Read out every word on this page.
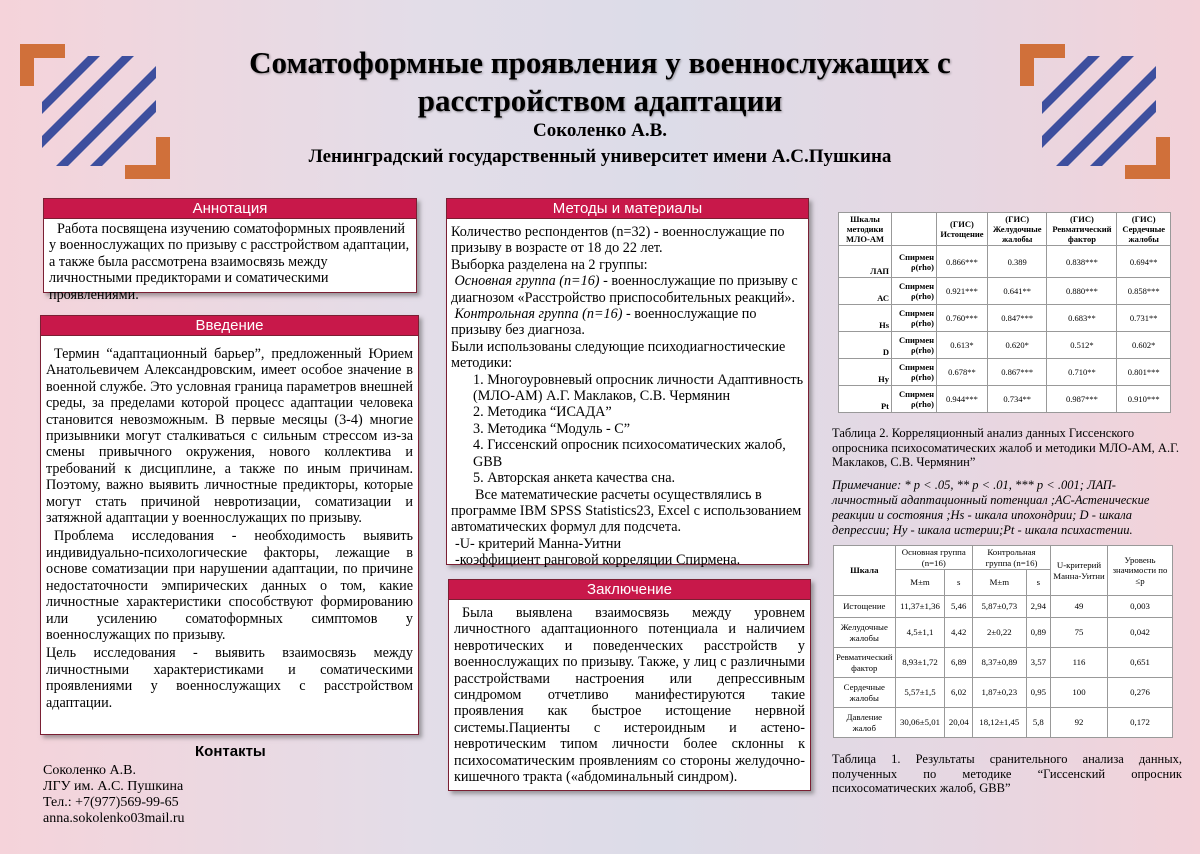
Соматоформные проявления у военнослужащих с расстройством адаптации
Соколенко А.В.
Ленинградский государственный университет имени А.С.Пушкина
Аннотация

Работа посвящена изучению соматоформных проявлений у военнослужащих по призыву с расстройством адаптации, а также была рассмотрена взаимосвязь между личностными предикторами и соматическими проявлениями.

Введение

Термин “адаптационный барьер”, предложенный Юрием Анатольевичем Александровским, имеет особое значение в военной службе. Это условная граница параметров внешней среды, за пределами которой процесс адаптации человека становится невозможным. В первые месяцы (3-4) многие призывники могут сталкиваться с сильным стрессом из-за смены привычного окружения, нового коллектива и требований к дисциплине, а также по иным причинам. Поэтому, важно выявить личностные предикторы, которые могут стать причиной невротизации, соматизации и затяжной адаптации у военнослужащих по призыву.

Проблема исследования - необходимость выявить индивидуально-психологические факторы, лежащие в основе соматизации при нарушении адаптации, по причине недостаточности эмпирических данных о том, какие личностные характеристики способствуют формированию или усилению соматоформных симптомов у военнослужащих по призыву.

Цель исследования - выявить взаимосвязь между личностными характеристиками и соматическими проявлениями у военнослужащих с расстройством адаптации.

Контакты
Соколенко А.В.
ЛГУ им. А.С. Пушкина
Тел.: +7(977)569-99-65
anna.sokolenko03mail.ru
Методы и материалы

Количество респондентов (n=32) - военнослужащие по призыву в возрасте от 18 до 22 лет.

Выборка разделена на 2 группы:

Основная группа (n=16) - военнослужащие по призыву с диагнозом «Расстройство приспособительных реакций».

Контрольная группа (n=16) - военнослужащие по призыву без диагноза.

Были использованы следующие психодиагностические методики:

1. Многоуровневый опросник личности Адаптивность (МЛО-АМ) А.Г. Маклаков, С.В. Чермянин

2. Методика “ИСАДА”

3. Методика “Модуль - С”

4. Гиссенский опросник психосоматических жалоб, GBB

5. Авторская анкета качества сна.

Все математические расчеты осуществлялись в программе IBM SPSS Statistics23, Excel с использованием автоматических формул для подсчета.

-U- критерий Манна-Уитни

-коэффициент ранговой корреляции Спирмена.

Заключение

Была выявлена взаимосвязь между уровнем личностного адаптационного потенциала и наличием невротических и поведенческих расстройств у военнослужащих по призыву. Также, у лиц с различными расстройствами настроения или депрессивным синдромом отчетливо манифестируются такие проявления как быстрое истощение нервной системы.Пациенты с истероидным и астено-невротическим типом личности более склонны к психосоматическим проявлениям со стороны желудочно-кишечного тракта («абдоминальный синдром).

Шкалы методики МЛО-АМ		(ГИС) Истощение	(ГИС) Желудочные жалобы	(ГИС) Ревматический фактор	(ГИС) Сердечные жалобы
ЛАП	Спирмен ρ(rho)	0.866***	0.389	0.838***	0.694**
АС	Спирмен ρ(rho)	0.921***	0.641**	0.880***	0.858***
Hs	Спирмен ρ(rho)	0.760***	0.847***	0.683**	0.731**
D	Спирмен ρ(rho)	0.613*	0.620*	0.512*	0.602*
Hy	Спирмен ρ(rho)	0.678**	0.867***	0.710**	0.801***
Pt	Спирмен ρ(rho)	0.944***	0.734**	0.987***	0.910***
Таблица 2. Корреляционный анализ данных Гиссенского опросника психосоматических жалоб и методики МЛО-АМ, А.Г. Маклаков, С.В. Чермянин”
Примечание: * p < .05, ** p < .01, *** p < .001; ЛАП- личностный адаптационный потенциал ;АС-Астенические реакции и состояния ;Hs - шкала ипохондрии; D - шкала депрессии; Hy - шкала истерии;Pt - шкала психастении.
Шкала	Основная группа (n=16)		Контрольная группа (n=16)		U-критерий Манна-Уитни	Уровень значимости по ≤p
	M±m	s	M±m	s		
Истощение	11,37±1,36	5,46	5,87±0,73	2,94	49	0,003
Желудочные жалобы	4,5±1,1	4,42	2±0,22	0,89	75	0,042
Ревматический фактор	8,93±1,72	6,89	8,37±0,89	3,57	116	0,651
Сердечные жалобы	5,57±1,5	6,02	1,87±0,23	0,95	100	0,276
Давление жалоб	30,06±5,01	20,04	18,12±1,45	5,8	92	0,172
Таблица 1. Результаты сранительного анализа данных, полученных по методике “Гиссенский опросник психосоматических жалоб, GBB”
